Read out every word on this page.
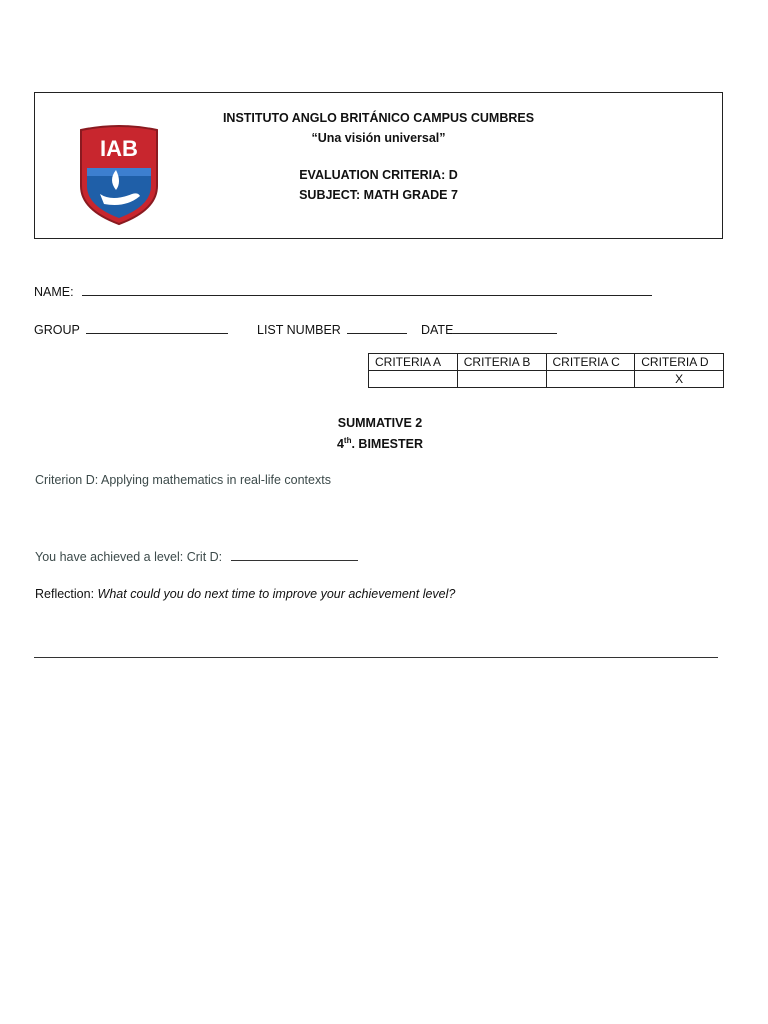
INSTITUTO ANGLO BRITÁNICO CAMPUS CUMBRES
“Una visión universal”
EVALUATION CRITERIA: D
SUBJECT: MATH GRADE 7
IAB
NAME:
GROUP	LIST NUMBER	DATE
CRITERIA A	CRITERIA B	CRITERIA C	CRITERIA D
			X
SUMMATIVE 2
4th. BIMESTER
Criterion D: Applying mathematics in real-life contexts
You have achieved a level: Crit D:
Reflection: What could you do next time to improve your achievement level?
